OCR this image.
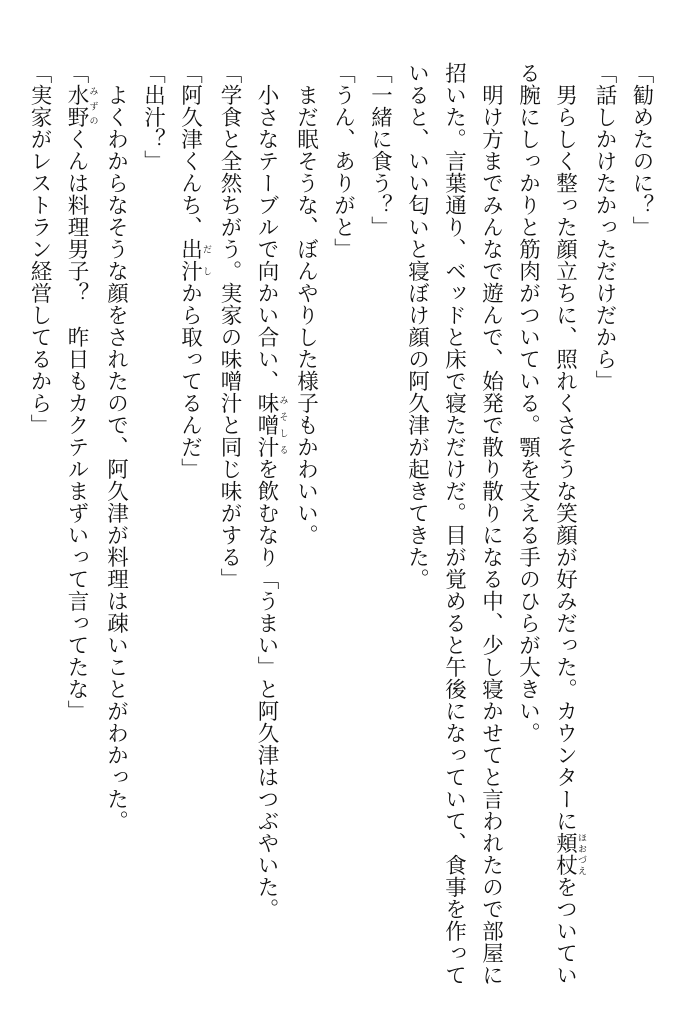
「勧めたのに？」

「話しかけたかっただけだから」

男らしく整った顔立ちに、照れくさそうな笑顔が好みだった。カウンターに頬杖ほおづえをついてい

る腕にしっかりと筋肉がついている。顎を支える手のひらが大きい。

明け方までみんなで遊んで、始発で散り散りになる中、少し寝かせてと言われたので部屋に

招いた。言葉通り、ベッドと床で寝ただけだ。目が覚めると午後になっていて、食事を作って

いると、いい匂いと寝ぼけ顔の阿久津が起きてきた。

「一緒に食う？」

「うん、ありがと」

まだ眠そうな、ぼんやりした様子もかわいい。

小さなテーブルで向かい合い、味噌汁みそしるを飲むなり「うまい」と阿久津はつぶやいた。

「学食と全然ちがう。実家の味噌汁と同じ味がする」

「阿久津くんち、出汁だしから取ってるんだ」

「出汁？」

よくわからなそうな顔をされたので、阿久津が料理は疎いことがわかった。

「水野みずのくんは料理男子？　昨日もカクテルまずいって言ってたな」

「実家がレストラン経営してるから」
